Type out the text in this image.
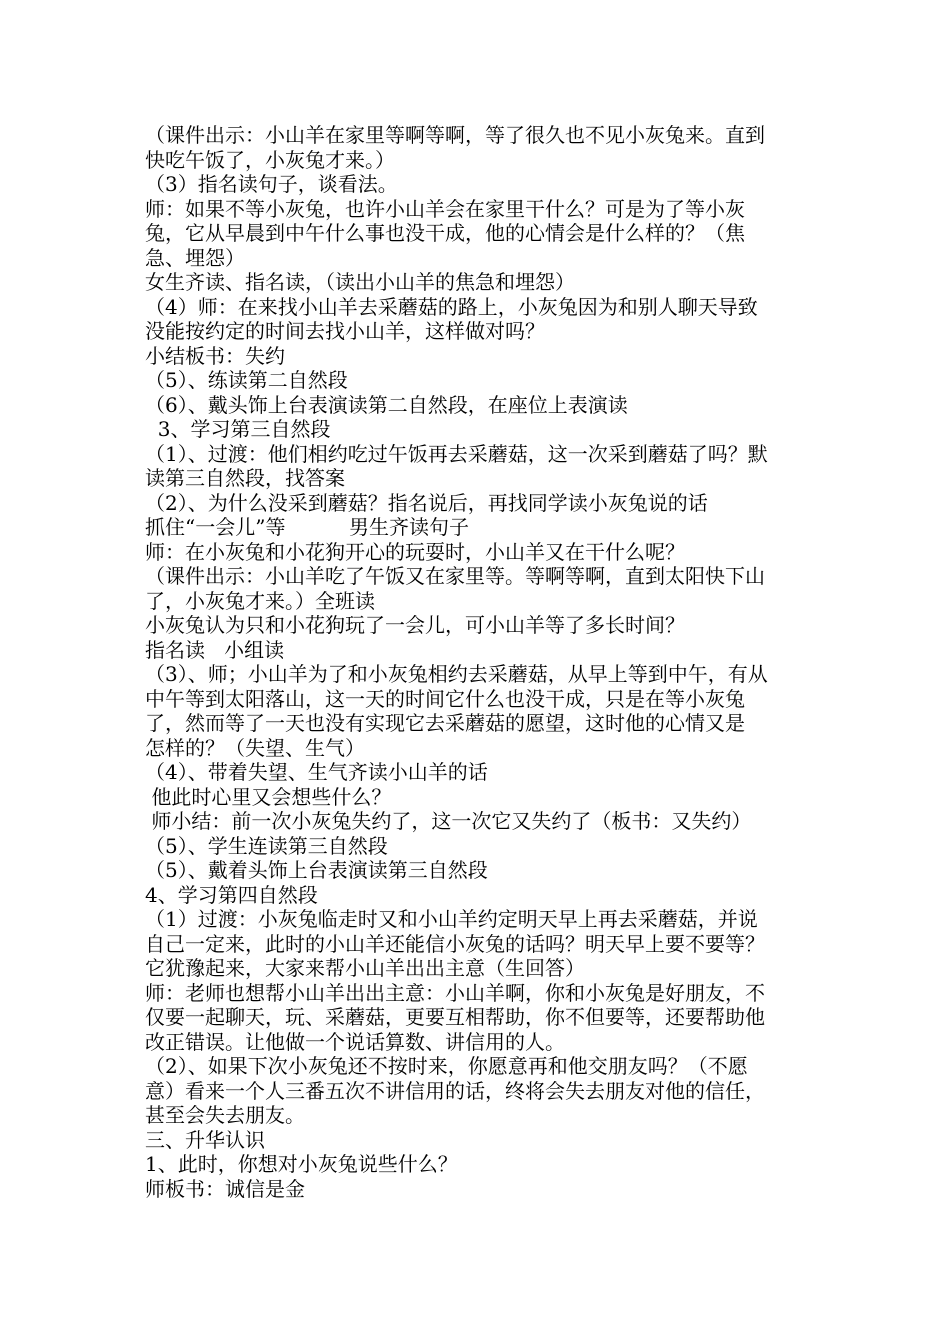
（课件出示：小山羊在家里等啊等啊，等了很久也不见小灰兔来。直到
快吃午饭了，小灰兔才来。）
（3）指名读句子，谈看法。
师：如果不等小灰兔，也许小山羊会在家里干什么？可是为了等小灰
兔，它从早晨到中午什么事也没干成，他的心情会是什么样的？（焦
急、埋怨）
女生齐读、指名读，（读出小山羊的焦急和埋怨）
（4）师：在来找小山羊去采蘑菇的路上，小灰兔因为和别人聊天导致
没能按约定的时间去找小山羊，这样做对吗？
小结板书：失约
（5）、练读第二自然段
（6）、戴头饰上台表演读第二自然段，在座位上表演读
3、学习第三自然段
（1）、过渡：他们相约吃过午饭再去采蘑菇，这一次采到蘑菇了吗？默
读第三自然段，找答案
（2）、为什么没采到蘑菇？指名说后，再找同学读小灰兔说的话
抓住“一会儿”等          男生齐读句子
师：在小灰兔和小花狗开心的玩耍时，小山羊又在干什么呢？
（课件出示：小山羊吃了午饭又在家里等。等啊等啊，直到太阳快下山
了，小灰兔才来。）全班读
小灰兔认为只和小花狗玩了一会儿，可小山羊等了多长时间？
指名读   小组读
（3）、师；小山羊为了和小灰兔相约去采蘑菇，从早上等到中午，有从
中午等到太阳落山，这一天的时间它什么也没干成，只是在等小灰兔
了，然而等了一天也没有实现它去采蘑菇的愿望，这时他的心情又是
怎样的？（失望、生气）
（4）、带着失望、生气齐读小山羊的话
他此时心里又会想些什么？
师小结：前一次小灰兔失约了，这一次它又失约了（板书：又失约）
（5）、学生连读第三自然段
（5）、戴着头饰上台表演读第三自然段
4、学习第四自然段
（1）过渡：小灰兔临走时又和小山羊约定明天早上再去采蘑菇，并说
自己一定来，此时的小山羊还能信小灰兔的话吗？明天早上要不要等？
它犹豫起来，大家来帮小山羊出出主意（生回答）
师：老师也想帮小山羊出出主意：小山羊啊，你和小灰兔是好朋友，不
仅要一起聊天，玩、采蘑菇，更要互相帮助，你不但要等，还要帮助他
改正错误。让他做一个说话算数、讲信用的人。
（2）、如果下次小灰兔还不按时来，你愿意再和他交朋友吗？（不愿
意）看来一个人三番五次不讲信用的话，终将会失去朋友对他的信任，
甚至会失去朋友。
三、升华认识
1、此时，你想对小灰兔说些什么？
师板书：诚信是金
